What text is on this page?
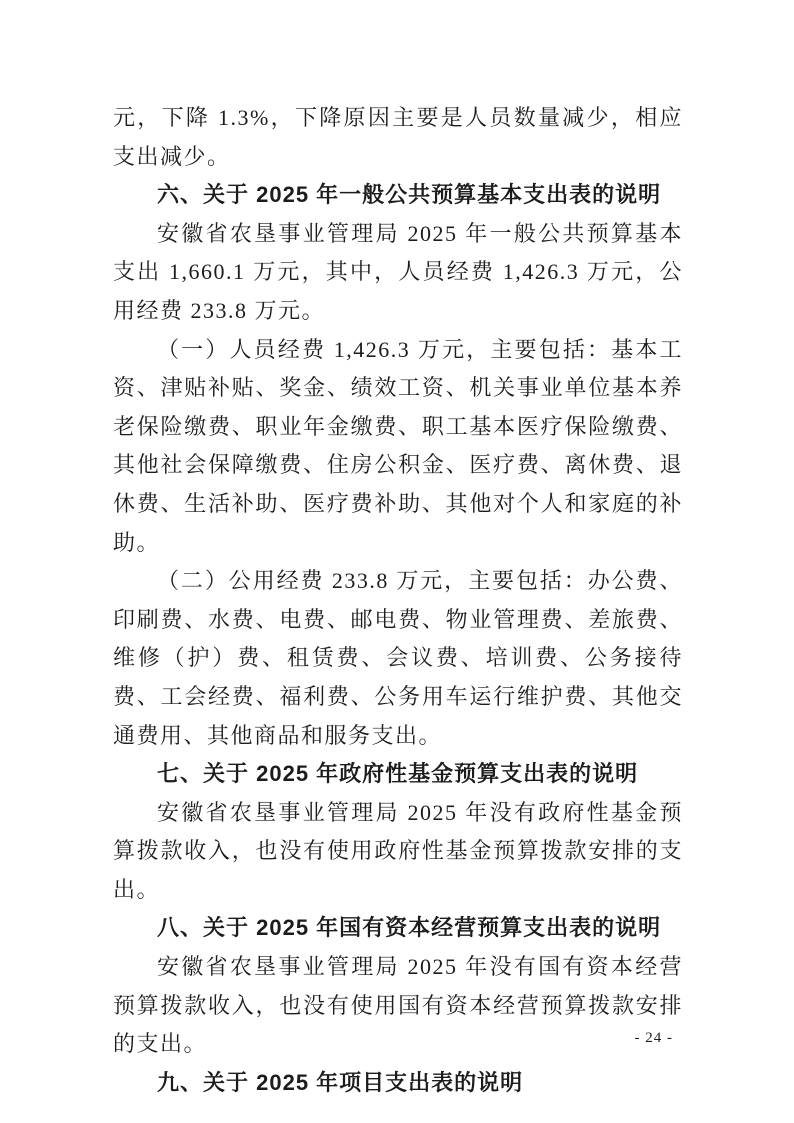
元，下降 1.3%，下降原因主要是人员数量减少，相应支出减少。

六、关于 2025 年一般公共预算基本支出表的说明

安徽省农垦事业管理局 2025 年一般公共预算基本支出 1,660.1 万元，其中，人员经费 1,426.3 万元，公用经费 233.8 万元。

（一）人员经费 1,426.3 万元，主要包括：基本工资、津贴补贴、奖金、绩效工资、机关事业单位基本养老保险缴费、职业年金缴费、职工基本医疗保险缴费、其他社会保障缴费、住房公积金、医疗费、离休费、退休费、生活补助、医疗费补助、其他对个人和家庭的补助。

（二）公用经费 233.8 万元，主要包括：办公费、印刷费、水费、电费、邮电费、物业管理费、差旅费、维修（护）费、租赁费、会议费、培训费、公务接待费、工会经费、福利费、公务用车运行维护费、其他交通费用、其他商品和服务支出。

七、关于 2025 年政府性基金预算支出表的说明

安徽省农垦事业管理局 2025 年没有政府性基金预算拨款收入，也没有使用政府性基金预算拨款安排的支出。

八、关于 2025 年国有资本经营预算支出表的说明

安徽省农垦事业管理局 2025 年没有国有资本经营预算拨款收入，也没有使用国有资本经营预算拨款安排的支出。

九、关于 2025 年项目支出表的说明

- 24 -
